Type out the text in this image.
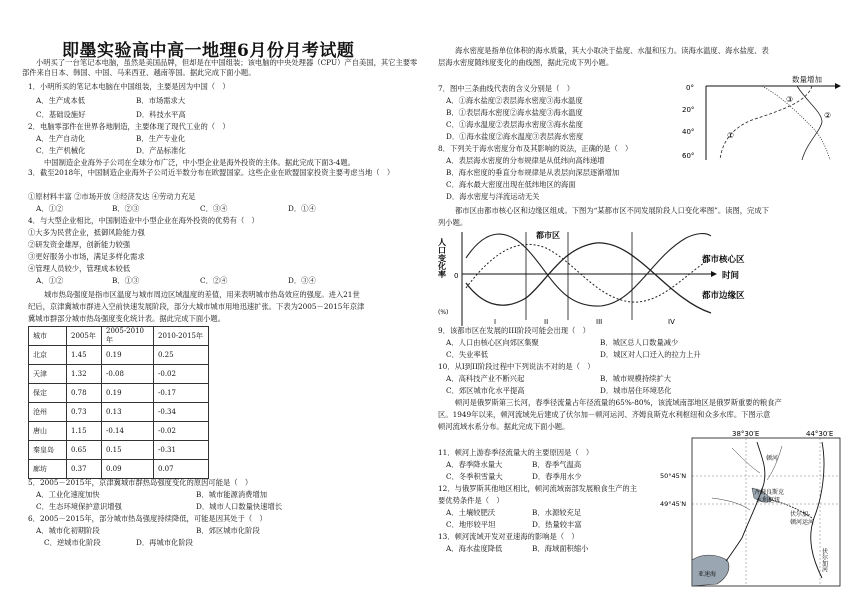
即墨实验高中高一地理6月份月考试题
小明买了一台笔记本电脑，虽然是美国品牌，但却是在中国组装；该电脑的中央处理器（CPU）产自美国，其它主要零部件来自日本、韩国、中国、马来西亚、越南等国。据此完成下面小题。
1．小明所买的笔记本电脑在中国组装，主要是因为中国（　）
A．生产成本低	B．市场需求大
C．基础设施好	D．科技水平高
2．电脑零部件在世界各地制造，主要体现了现代工业的（　）
A．生产自动化	B．生产专业化
C．生产机械化	D．产品标准化
中国制造企业海外子公司在全球分布广泛，中小型企业是海外投资的主体。据此完成下面3-4题。
3．截至2018年，中国制造企业海外子公司近半数分布在欧盟国家。这些企业在欧盟国家投资主要考虑当地（　）
①原材料丰富 ②市场开放 ③经济发达 ④劳动力充足
A．①②	B．②③	C．③④	D．①④
4．与大型企业相比，中国制造业中小型企业在海外投资的优势有（　）
①大多为民营企业，抵御风险能力强
②研发资金雄厚，创新能力较强
③更好服务小市场，满足多样化需求
④管理人员较少，管理成本较低
A．①②	B．①③	C．②④	D．③④
城市热岛强度是指市区温度与城市周边区域温度的差值，用来表明城市热岛效应的强度。进入21世
纪后，京津冀城市群进入空前快速发展阶段，部分大城市城市用地迅速扩张。下表为2005－2015年京津
冀城市群部分城市热岛强度变化统计表。据此完成下面小题。
城市	2005年	2005-2010年	2010-2015年
北京	1.45	0.19	0.25
天津	1.32	-0.08	-0.02
保定	0.78	0.19	-0.17
沧州	0.73	0.13	-0.34
唐山	1.15	-0.14	-0.02
秦皇岛	0.65	0.15	-0.31
廊坊	0.37	0.09	0.07
5．2005－2015年，京津冀城市群热岛强度变化的原因可能是（　）
A．工业化速度加快	B．城市能源消费增加
C．生态环境保护意识增强	D．城市人口数量快速增长
6．2005－2015年，部分城市热岛强度持续降低，可能是因其处于（　）
A．城市化初期阶段	B．郊区城市化阶段
C．逆城市化阶段	D．再城市化阶段
海水密度是指单位体积的海水质量，其大小取决于盐度、水温和压力。读海水温度、海水盐度、表
层海水密度随纬度变化的曲线图，据此完成下列小题。
数量增加
0°
20°
40°
60°
①
②
③
7．图中三条曲线代表的含义分别是（　）
A．①海水盐度②表层海水密度③海水温度
B．①表层海水密度②海水盐度③海水温度
C．①海水温度②表层海水密度③海水盐度
D．①海水盐度②海水温度③表层海水密度
8．下列关于海水密度分布及其影响的说法，正确的是（　）
A．表层海水密度的分布规律是从低纬向高纬递增
B．海水密度的垂直分布规律是从表层向深层逐渐增加
C．海水最大密度出现在低纬地区的海面
D．海水密度与洋流运动无关
都市区由都市核心区和边缘区组成。下图为“某都市区不同发展阶段人口变化率图”。读图，完成下
列小题。
人口变化率
(%)
0
都市区
都市核心区
时间
都市边缘区
I	II	III	IV
9．该都市区在发展的III阶段可能会出现（　）
A．人口由核心区向郊区集聚	B．城区总人口数量减少
C．失业率低	D．城区对人口迁入的拉力上升
10．从I到II阶段过程中下列说法不对的是（　）
A．高科技产业不断兴起	B．城市规模持续扩大
C．郊区城市化水平提高	D．城市居住环境恶化
顿河是俄罗斯第三长河，春季径流量占年径流量的65%-80%，该流域南部地区是俄罗斯重要的粮食产
区。1949年以来，顿河流域先后建成了伏尔加－顿河运河、齐姆良斯克水利枢纽和众多水库。下图示意
顿河流域水系分布。据此完成下面小题。
38°30′E	44°30′E
50°45′N
49°45′N
齐姆良斯克
水利枢纽
伏尔加-
顿河运河
亚速海
顿河
伏尔加河
11．顿河上游春季径流量大的主要原因是（　）
A．春季降水量大	B．春季气温高
C．冬季积雪量大	D．春季用水少
12．与俄罗斯其他地区相比，顿河流域南部发展粮食生产的主
要优势条件是（　）
A．土壤较肥沃	B．水源较充足
C．地形较平坦	D．热量较丰富
13．顿河流域开发对亚速海的影响是（　）
A．海水盐度降低	B．海域面积缩小
